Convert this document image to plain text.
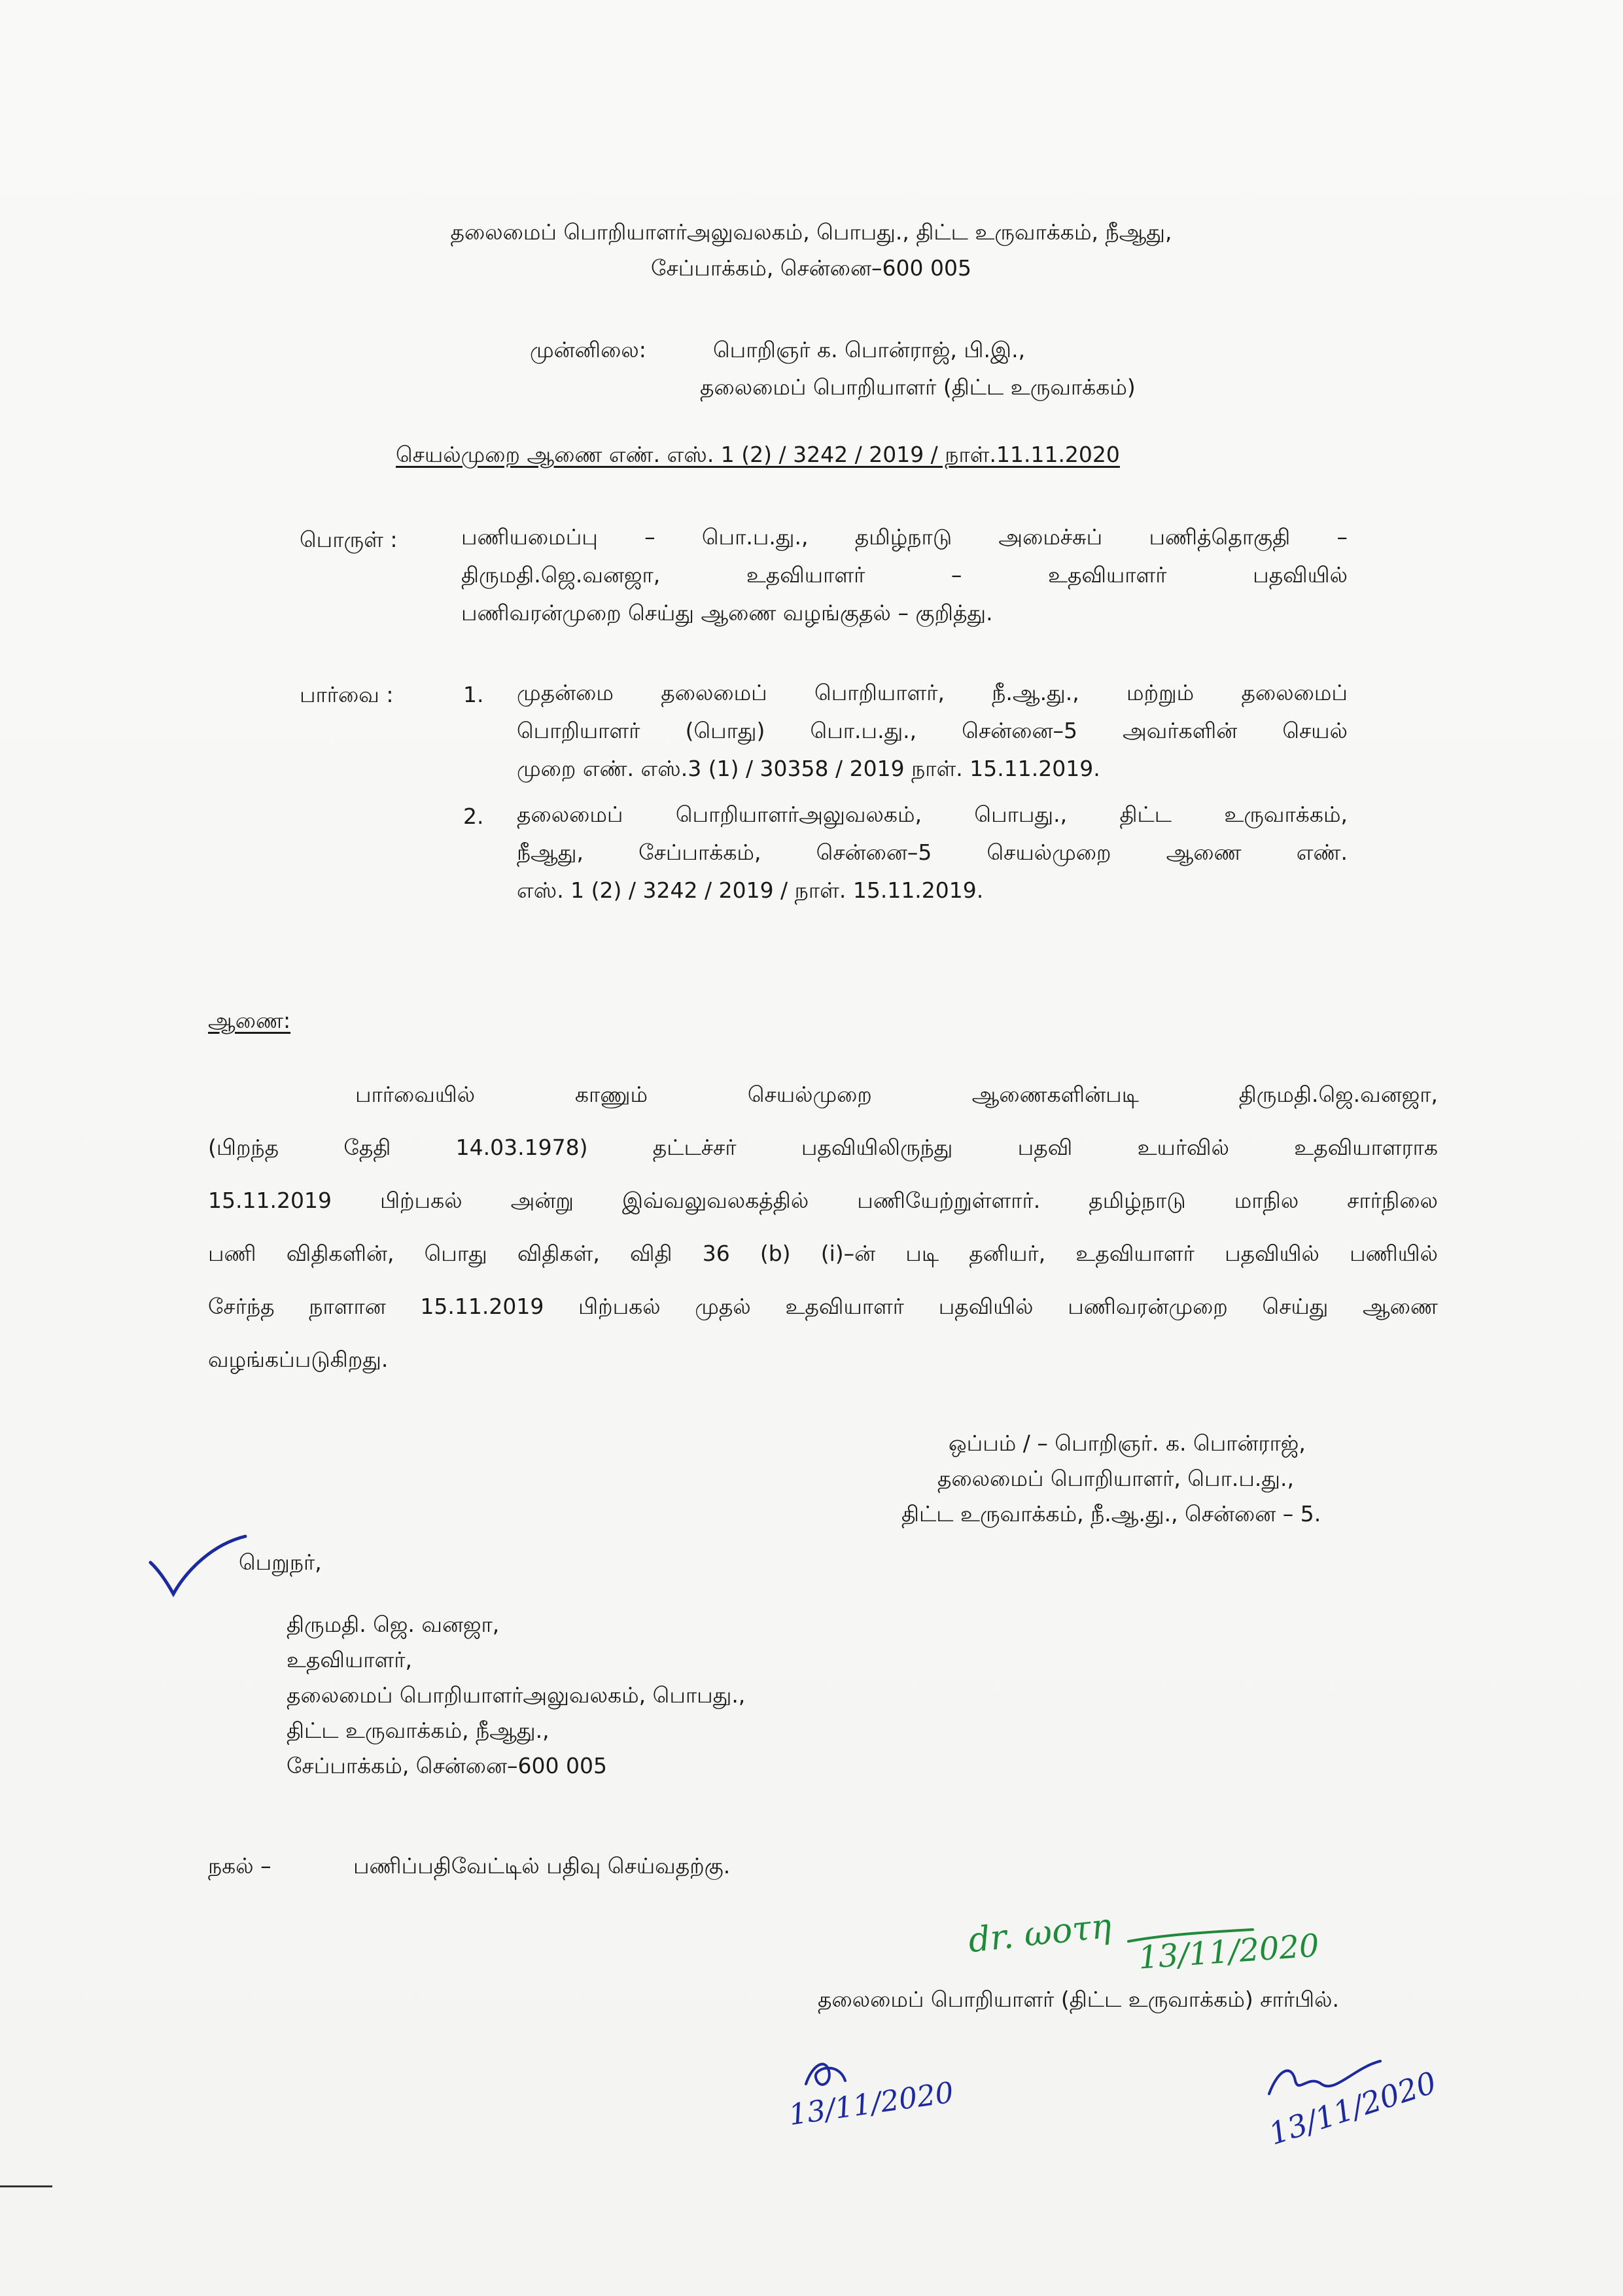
தலைமைப் பொறியாளர்அலுவலகம், பொபது., திட்ட உருவாக்கம், நீஆது,
சேப்பாக்கம், சென்னை–600 005
முன்னிலை:	பொறிஞர் க. பொன்ராஜ், பி.இ.,
தலைமைப் பொறியாளர் (திட்ட உருவாக்கம்)
செயல்முறை ஆணை எண். எஸ். 1 (2) / 3242 / 2019 / நாள்.11.11.2020
பொருள் :	பணியமைப்பு – பொ.ப.து., தமிழ்நாடு அமைச்சுப் பணித்தொகுதி –
திருமதி.ஜெ.வனஜா, உதவியாளர் – உதவியாளர் பதவியில்
பணிவரன்முறை செய்து ஆணை வழங்குதல் – குறித்து.
பார்வை :	1. முதன்மை தலைமைப் பொறியாளர், நீ.ஆ.து., மற்றும் தலைமைப்
பொறியாளர் (பொது) பொ.ப.து., சென்னை–5 அவர்களின் செயல்
முறை எண். எஸ்.3 (1) / 30358 / 2019 நாள். 15.11.2019.
2. தலைமைப் பொறியாளர்அலுவலகம், பொபது., திட்ட உருவாக்கம்,
நீஆது, சேப்பாக்கம், சென்னை–5 செயல்முறை ஆணை எண்.
எஸ். 1 (2) / 3242 / 2019 / நாள். 15.11.2019.
ஆணை:
பார்வையில் காணும் செயல்முறை ஆணைகளின்படி திருமதி.ஜெ.வனஜா,
(பிறந்த தேதி 14.03.1978) தட்டச்சர் பதவியிலிருந்து பதவி உயர்வில் உதவியாளராக
15.11.2019 பிற்பகல் அன்று இவ்வலுவலகத்தில் பணியேற்றுள்ளார். தமிழ்நாடு மாநில சார்நிலை
பணி விதிகளின், பொது விதிகள், விதி 36 (b) (i)–ன் படி தனியர், உதவியாளர் பதவியில் பணியில்
சேர்ந்த நாளான 15.11.2019 பிற்பகல் முதல் உதவியாளர் பதவியில் பணிவரன்முறை செய்து ஆணை
வழங்கப்படுகிறது.
ஒப்பம் / – பொறிஞர். க. பொன்ராஜ்,
தலைமைப் பொறியாளர், பொ.ப.து.,
திட்ட உருவாக்கம், நீ.ஆ.து., சென்னை – 5.
பெறுநர்,
திருமதி. ஜெ. வனஜா,
உதவியாளர்,
தலைமைப் பொறியாளர்அலுவலகம், பொபது.,
திட்ட உருவாக்கம், நீஆது.,
சேப்பாக்கம், சென்னை–600 005
நகல் –	பணிப்பதிவேட்டில் பதிவு செய்வதற்கு.
dr. ωοτη 13/11/2020
தலைமைப் பொறியாளர் (திட்ட உருவாக்கம்) சார்பில்.
13/11/2020	13/11/2020
